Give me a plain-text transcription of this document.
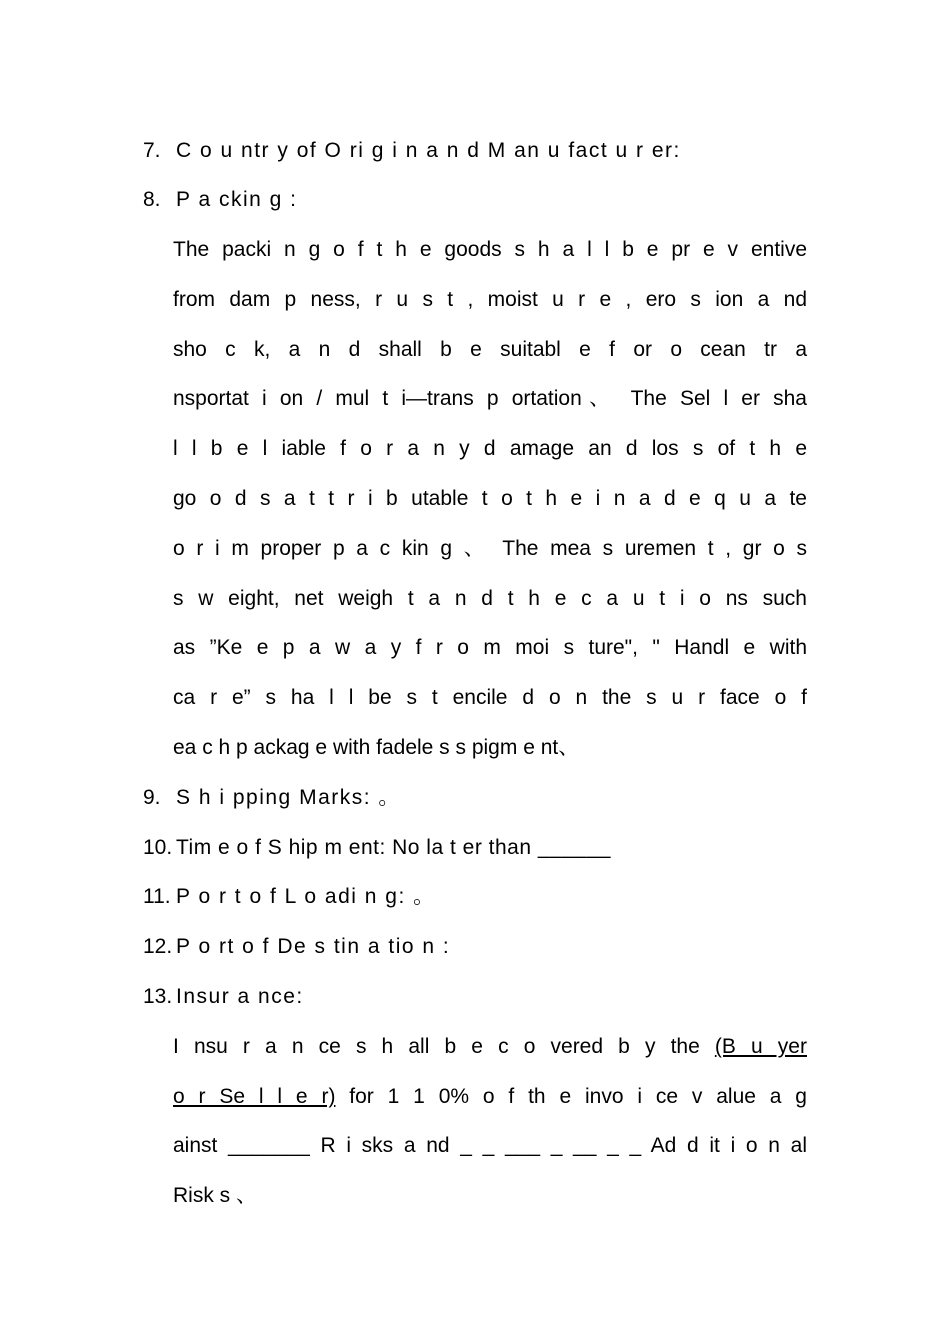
7. C o u ntr y of O ri g i n a n d M an u fact u r er:
8. P a ckin g :
The packi n g o f t h e goods s h a l l b e pr e v entive
from dam p ness, r u s t , moist u r e , ero s ion a nd
sho c k, a n d shall b e suitabl e f or o cean tr a
nsportat i on / mul t i—trans p ortation、 The Sel l er sha
l l b e l iable f o r a n y d amage an d los s of t h e
go o d s a t t r i b utable t o t h e i n a d e q u a te
o r i m proper p a c kin g 、 The mea s uremen t , gr o s
s w eight, net weigh t a n d t h e c a u t i o ns such
as ”Ke e p a w a y f r o m moi s ture", " Handl e with
ca r e” s ha l l be s t encile d o n the s u r face o f
ea c h p ackag e with fadele s s pigm e nt、
9. S h i pping Marks: 。
10. Tim e o f S hip m ent: No la t er than ______
11. P o r t o f L o adi n g: 。
12. P o rt o f De s tin a tio n :
13. Insur a nce:
I nsu r a n ce s h all b e c o vered b y the (B u yer
o r Se l l e r) for 1 1 0% o f th e invo i ce v alue a g
ainst _______ R i sks a nd _ _ ___ _ __ _ _ Ad d it i o n al
Risk s 、
